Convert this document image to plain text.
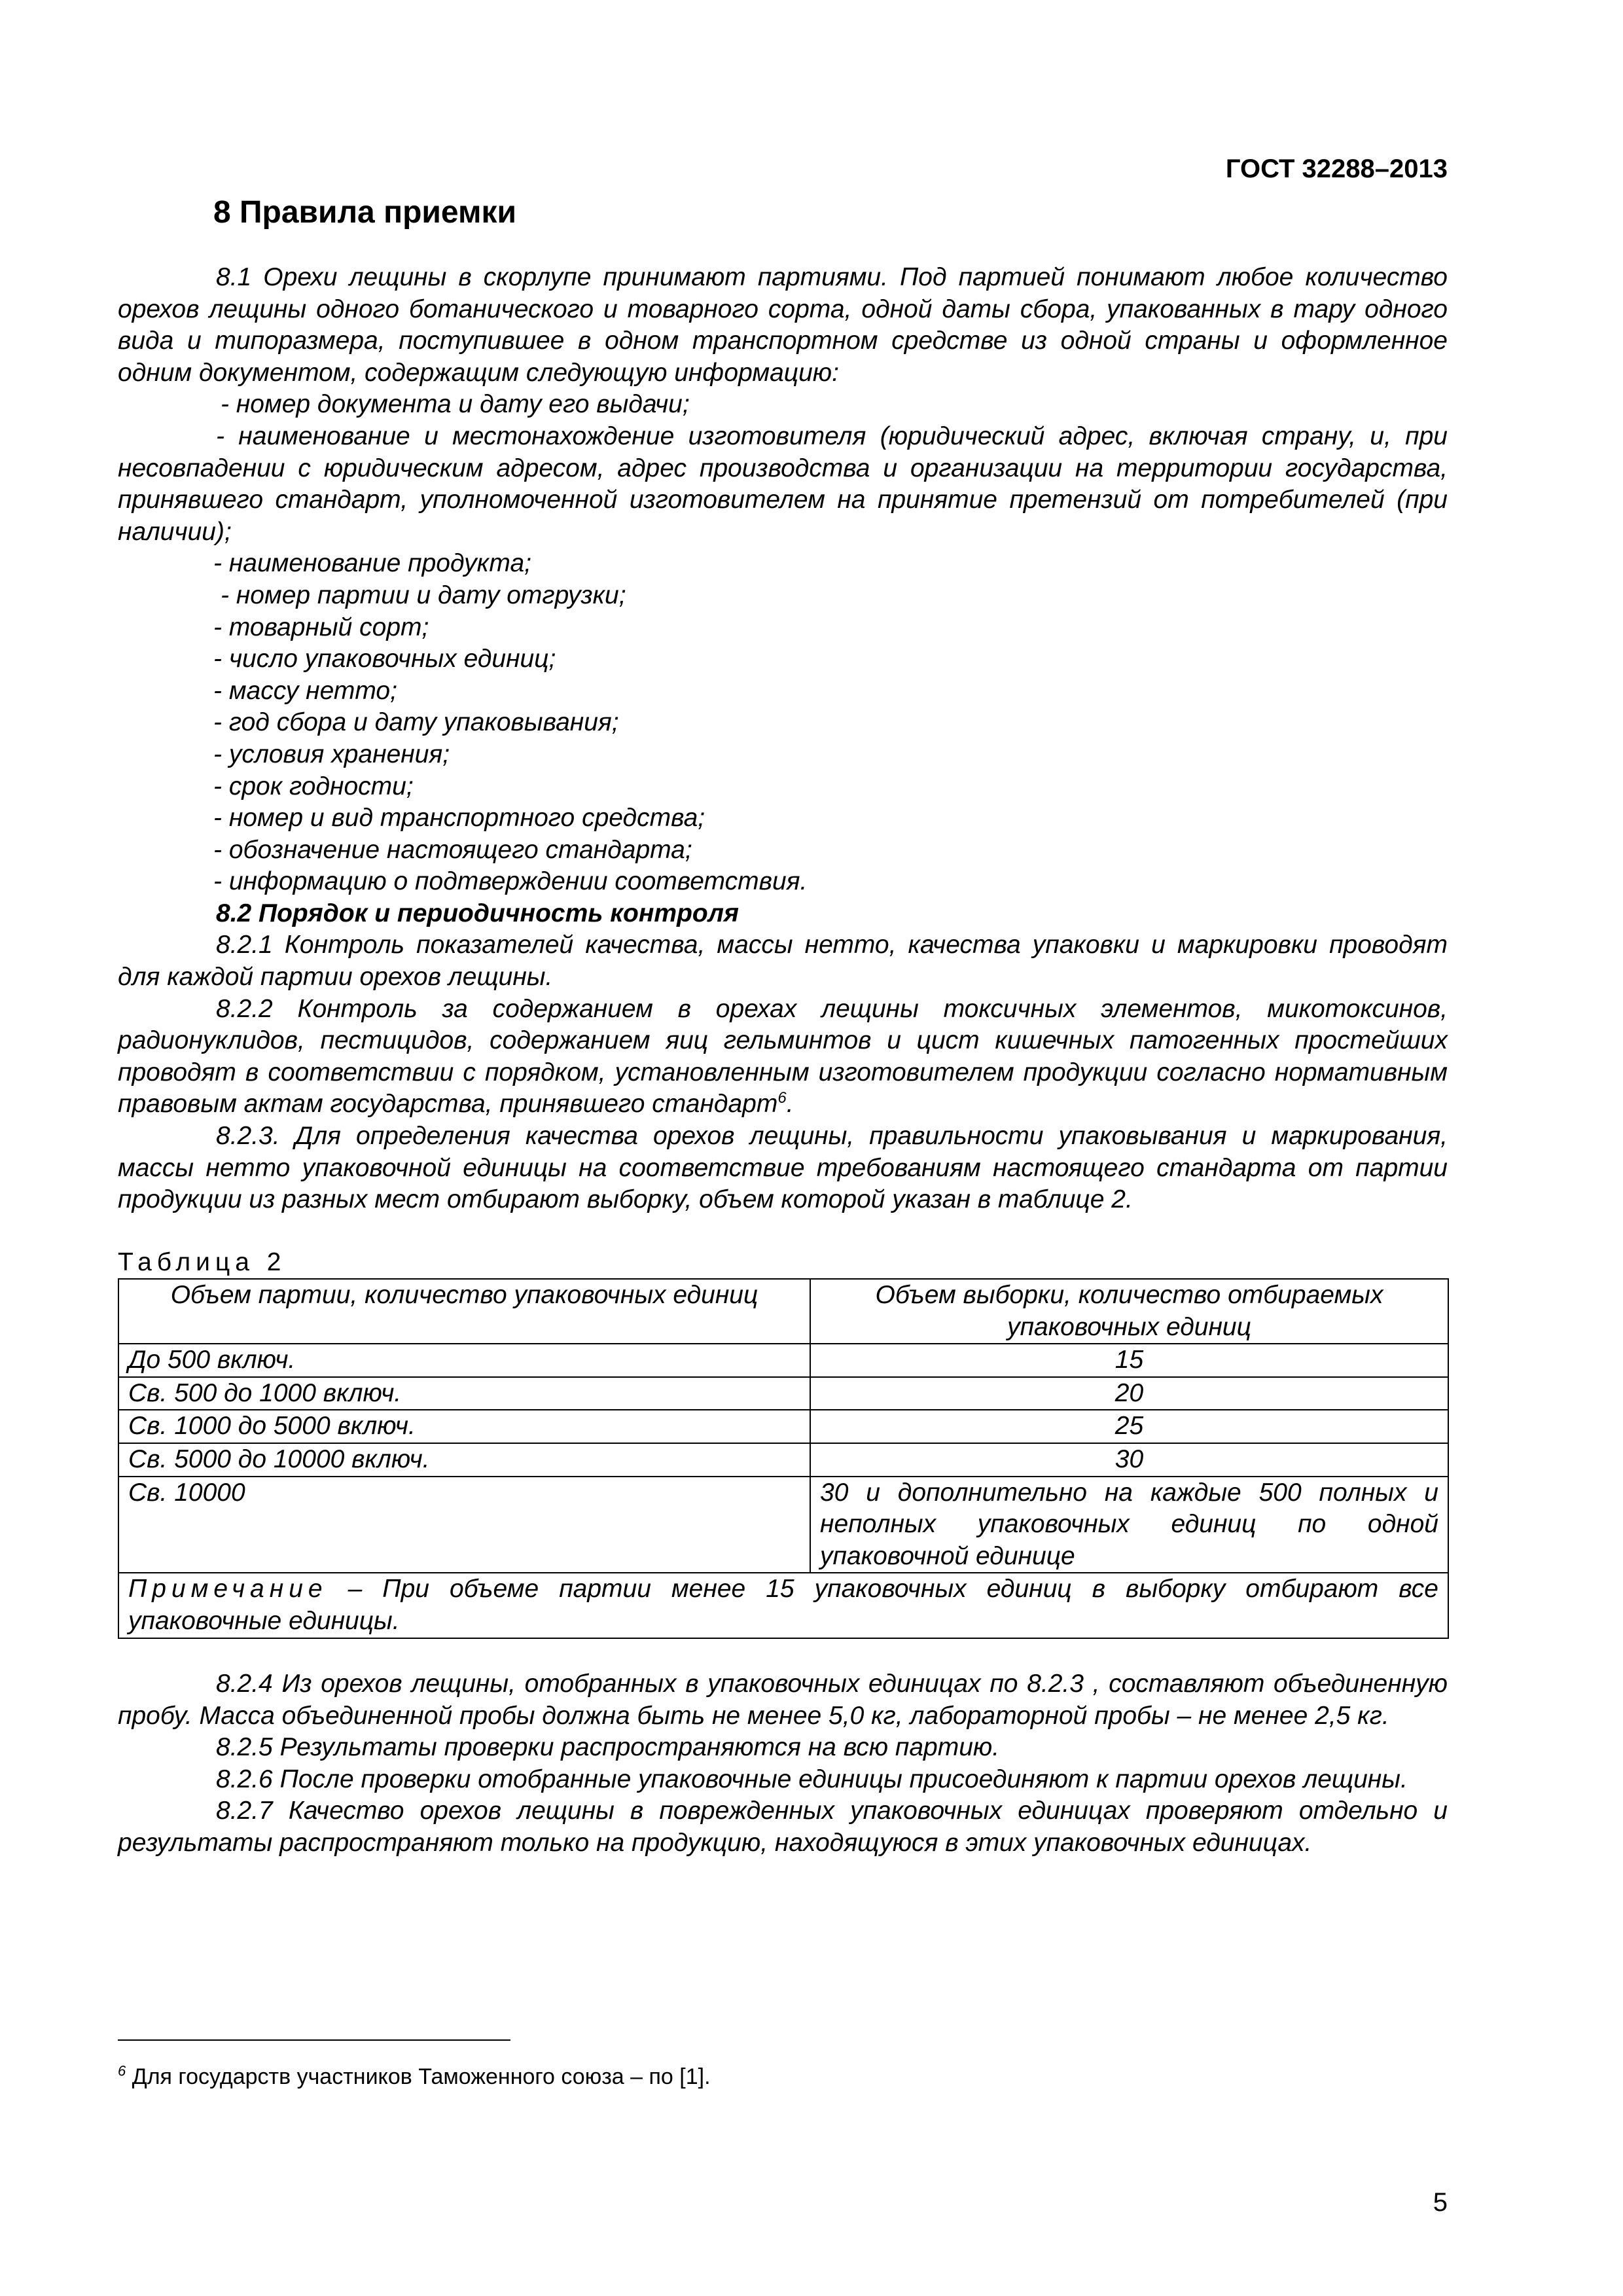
ГОСТ 32288–2013

8 Правила приемки

8.1 Орехи лещины в скорлупе принимают партиями. Под партией понимают любое количество орехов лещины одного ботанического и товарного сорта, одной даты сбора, упакованных в тару одного вида и типоразмера, поступившее в одном транспортном средстве из одной страны и оформленное одним документом, содержащим следующую информацию:

- номер документа и дату его выдачи;

- наименование и местонахождение изготовителя (юридический адрес, включая страну, и, при несовпадении с юридическим адресом, адрес производства и организации на территории государства, принявшего стандарт, уполномоченной изготовителем на принятие претензий от потребителей (при наличии);

- наименование продукта;

- номер партии и дату отгрузки;

- товарный сорт;

- число упаковочных единиц;

- массу нетто;

- год сбора и дату упаковывания;

- условия хранения;

- срок годности;

- номер и вид транспортного средства;

- обозначение настоящего стандарта;

- информацию о подтверждении соответствия.

8.2 Порядок и периодичность контроля

8.2.1 Контроль показателей качества, массы нетто, качества упаковки и маркировки проводят для каждой партии орехов лещины.

8.2.2 Контроль за содержанием в орехах лещины токсичных элементов, микотоксинов, радионуклидов, пестицидов, содержанием яиц гельминтов и цист кишечных патогенных простейших проводят в соответствии с порядком, установленным изготовителем продукции согласно нормативным правовым актам государства, принявшего стандарт$^6$.

8.2.3. Для определения качества орехов лещины, правильности упаковывания и маркирования, массы нетто упаковочной единицы на соответствие требованиям настоящего стандарта от партии продукции из разных мест отбирают выборку, объем которой указан в таблице 2.

Таблица 2

Объем партии, количество упаковочных единиц	Объем выборки, количество отбираемых упаковочных единиц
До 500 включ.	15
Св. 500 до 1000 включ.	20
Св. 1000 до 5000 включ.	25
Св. 5000 до 10000 включ.	30
Св. 10000	30 и дополнительно на каждые 500 полных и неполных упаковочных единиц по одной упаковочной единице
Примечание – При объеме партии менее 15 упаковочных единиц в выборку отбирают все упаковочные единицы.	

8.2.4 Из орехов лещины, отобранных в упаковочных единицах по 8.2.3 , составляют объединенную пробу. Масса объединенной пробы должна быть не менее 5,0 кг, лабораторной пробы – не менее 2,5 кг.

8.2.5 Результаты проверки распространяются на всю партию.

8.2.6 После проверки отобранные упаковочные единицы присоединяют к партии орехов лещины.

8.2.7 Качество орехов лещины в поврежденных упаковочных единицах проверяют отдельно и результаты распространяют только на продукцию, находящуюся в этих упаковочных единицах.

$^6$ Для государств участников Таможенного союза – по [1].

5
